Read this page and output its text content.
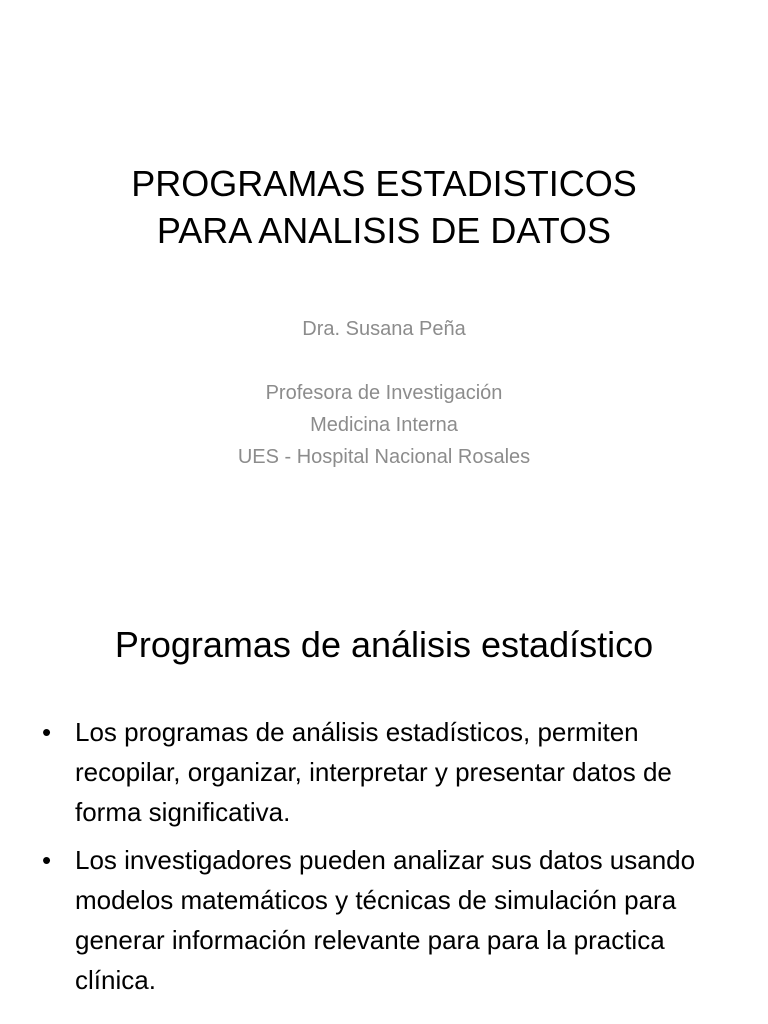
PROGRAMAS ESTADISTICOS
PARA ANALISIS DE DATOS
Dra. Susana Peña
Profesora de Investigación
Medicina Interna
UES - Hospital Nacional Rosales
Programas de análisis estadístico
• Los programas de análisis estadísticos, permiten recopilar, organizar, interpretar y presentar datos de forma significativa.
• Los investigadores pueden analizar sus datos usando modelos matemáticos y técnicas de simulación para generar información relevante para para la practica clínica.
